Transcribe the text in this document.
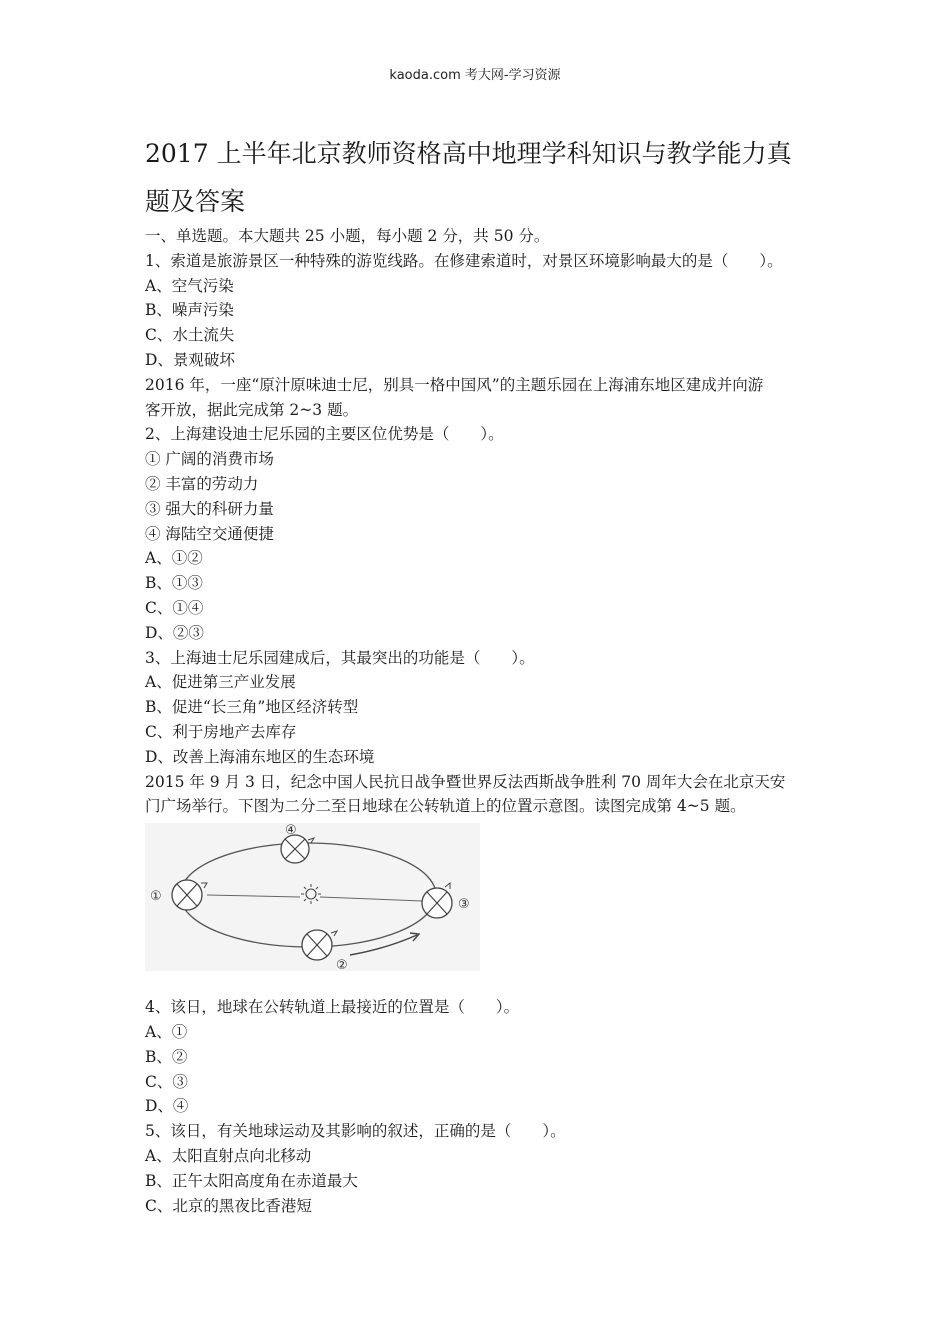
kaoda.com 考大网-学习资源
2017 上半年北京教师资格高中地理学科知识与教学能力真
题及答案
一、单选题。本大题共 25 小题，每小题 2 分，共 50 分。
1、索道是旅游景区一种特殊的游览线路。在修建索道时，对景区环境影响最大的是（　　）。
A、空气污染
B、噪声污染
C、水土流失
D、景观破坏
2016 年，一座“原汁原味迪士尼，别具一格中国风”的主题乐园在上海浦东地区建成并向游
客开放，据此完成第 2~3 题。
2、上海建设迪士尼乐园的主要区位优势是（　　）。
① 广阔的消费市场
② 丰富的劳动力
③ 强大的科研力量
④ 海陆空交通便捷
A、①②
B、①③
C、①④
D、②③
3、上海迪士尼乐园建成后，其最突出的功能是（　　）。
A、促进第三产业发展
B、促进“长三角”地区经济转型
C、利于房地产去库存
D、改善上海浦东地区的生态环境
2015 年 9 月 3 日，纪念中国人民抗日战争暨世界反法西斯战争胜利 70 周年大会在北京天安
门广场举行。下图为二分二至日地球在公转轨道上的位置示意图。读图完成第 4~5 题。
④
①
③
②
4、该日，地球在公转轨道上最接近的位置是（　　）。
A、①
B、②
C、③
D、④
5、该日，有关地球运动及其影响的叙述，正确的是（　　）。
A、太阳直射点向北移动
B、正午太阳高度角在赤道最大
C、北京的黑夜比香港短
